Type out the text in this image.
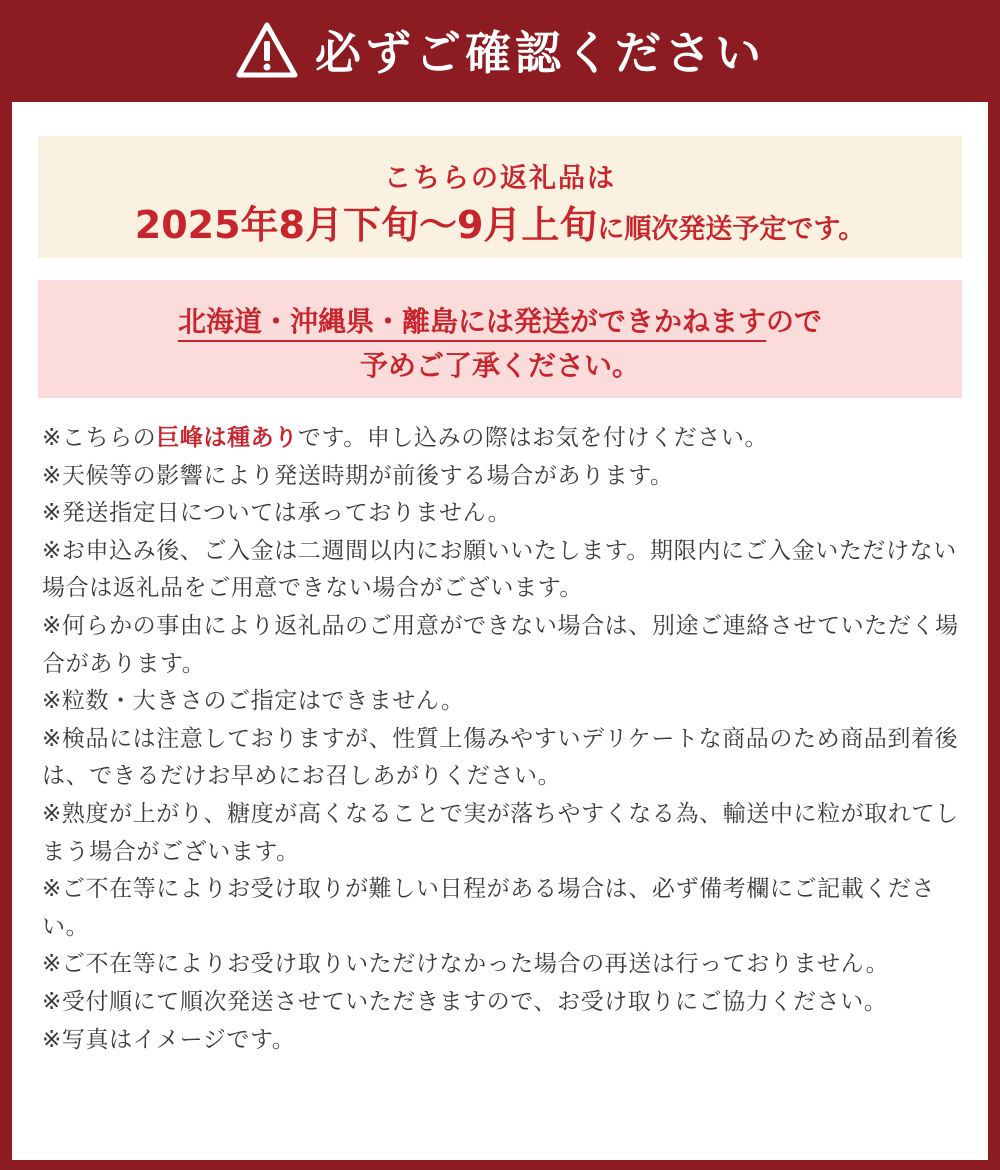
必ずご確認ください
こちらの返礼品は
2025年8月下旬～9月上旬に順次発送予定です。
北海道・沖縄県・離島には発送ができかねますので
予めご了承ください。

※こちらの巨峰は種ありです。申し込みの際はお気を付けください。

※天候等の影響により発送時期が前後する場合があります。

※発送指定日については承っておりません。

※お申込み後、ご入金は二週間以内にお願いいたします。期限内にご入金いただけない場合は返礼品をご用意できない場合がございます。

※何らかの事由により返礼品のご用意ができない場合は、別途ご連絡させていただく場合があります。

※粒数・大きさのご指定はできません。

※検品には注意しておりますが、性質上傷みやすいデリケートな商品のため商品到着後は、できるだけお早めにお召しあがりください。

※熟度が上がり、糖度が高くなることで実が落ちやすくなる為、輸送中に粒が取れてしまう場合がございます。

※ご不在等によりお受け取りが難しい日程がある場合は、必ず備考欄にご記載ください。

※ご不在等によりお受け取りいただけなかった場合の再送は行っておりません。

※受付順にて順次発送させていただきますので、お受け取りにご協力ください。

※写真はイメージです。
